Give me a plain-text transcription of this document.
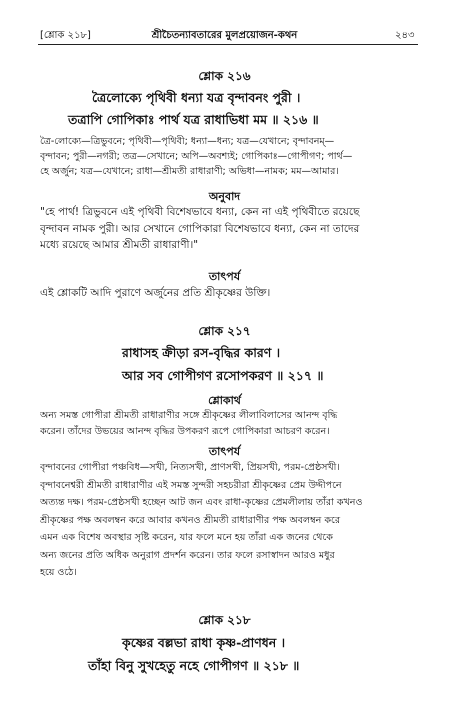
[শ্লোক ২১৮]	শ্রীচৈতন্যাবতারের মুলপ্রয়োজন-কথন	২৪৩
শ্লোক ২১৬
ত্রৈলোক্যে পৃথিবী ধন্যা যত্র বৃন্দাবনং পুরী ।
তত্রাপি গোপিকাঃ পার্থ যত্র রাধাভিধা মম ॥ ২১৬ ॥
ত্রৈ-লোক্যে—ত্রিভুবনে; পৃথিবী—পৃথিবী; ধন্যা—ধন্য; যত্র—যেখানে; বৃন্দাবনম্—
বৃন্দাবন; পুরী—নগরী; তত্র—সেখানে; অপি—অবশ্যই; গোপিকাঃ—গোপীগণ; পার্থ—
হে অর্জুন; যত্র—যেখানে; রাধা—শ্রীমতী রাধারাণী; অভিধা—নামক; মম—আমার।
অনুবাদ
"হে পার্থ! ত্রিভুবনে এই পৃথিবী বিশেষভাবে ধন্যা, কেন না এই পৃথিবীতে রয়েছে
বৃন্দাবন নামক পুরী। আর সেখানে গোপিকারা বিশেষভাবে ধন্যা, কেন না তাদের
মধ্যে রয়েছে আমার শ্রীমতী রাধারাণী।"
তাৎপর্য
এই শ্লোকটি আদি পুরাণে অর্জুনের প্রতি শ্রীকৃষ্ণের উক্তি।
শ্লোক ২১৭
রাধাসহ ক্রীড়া রস-বৃদ্ধির কারণ ।
আর সব গোপীগণ রসোপকরণ ॥ ২১৭ ॥
শ্লোকার্থ
অন্য সমস্ত গোপীরা শ্রীমতী রাধারাণীর সঙ্গে শ্রীকৃষ্ণের লীলাবিলাসের আনন্দ বৃদ্ধি
করেন। তাঁদের উভয়ের আনন্দ বৃদ্ধির উপকরণ রূপে গোপিকারা আচরণ করেন।
তাৎপর্য
বৃন্দাবনের গোপীরা পঞ্চবিধ—সখী, নিত্যসখী, প্রাণসখী, প্রিয়সখী, পরম-প্রেষ্ঠসখী।
বৃন্দাবনেশ্বরী শ্রীমতী রাধারাণীর এই সমস্ত সুন্দরী সহচরীরা শ্রীকৃষ্ণের প্রেম উদ্দীপনে
অত্যন্ত দক্ষ। পরম-প্রেষ্ঠসখী হচ্ছেন আট জন এবং রাধা-কৃষ্ণের প্রেমলীলায় তাঁরা কখনও
শ্রীকৃষ্ণের পক্ষ অবলম্বন করে আবার কখনও শ্রীমতী রাধারাণীর পক্ষ অবলম্বন করে
এমন এক বিশেষ অবস্থার সৃষ্টি করেন, যার ফলে মনে হয় তাঁরা এক জনের থেকে
অন্য জনের প্রতি অধিক অনুরাগ প্রদর্শন করেন। তার ফলে রসাস্বাদন আরও মধুর
হয়ে ওঠে।
শ্লোক ২১৮
কৃষ্ণের বল্লভা রাধা কৃষ্ণ-প্রাণধন ।
তাঁহা বিনু সুখহেতু নহে গোপীগণ ॥ ২১৮ ॥
